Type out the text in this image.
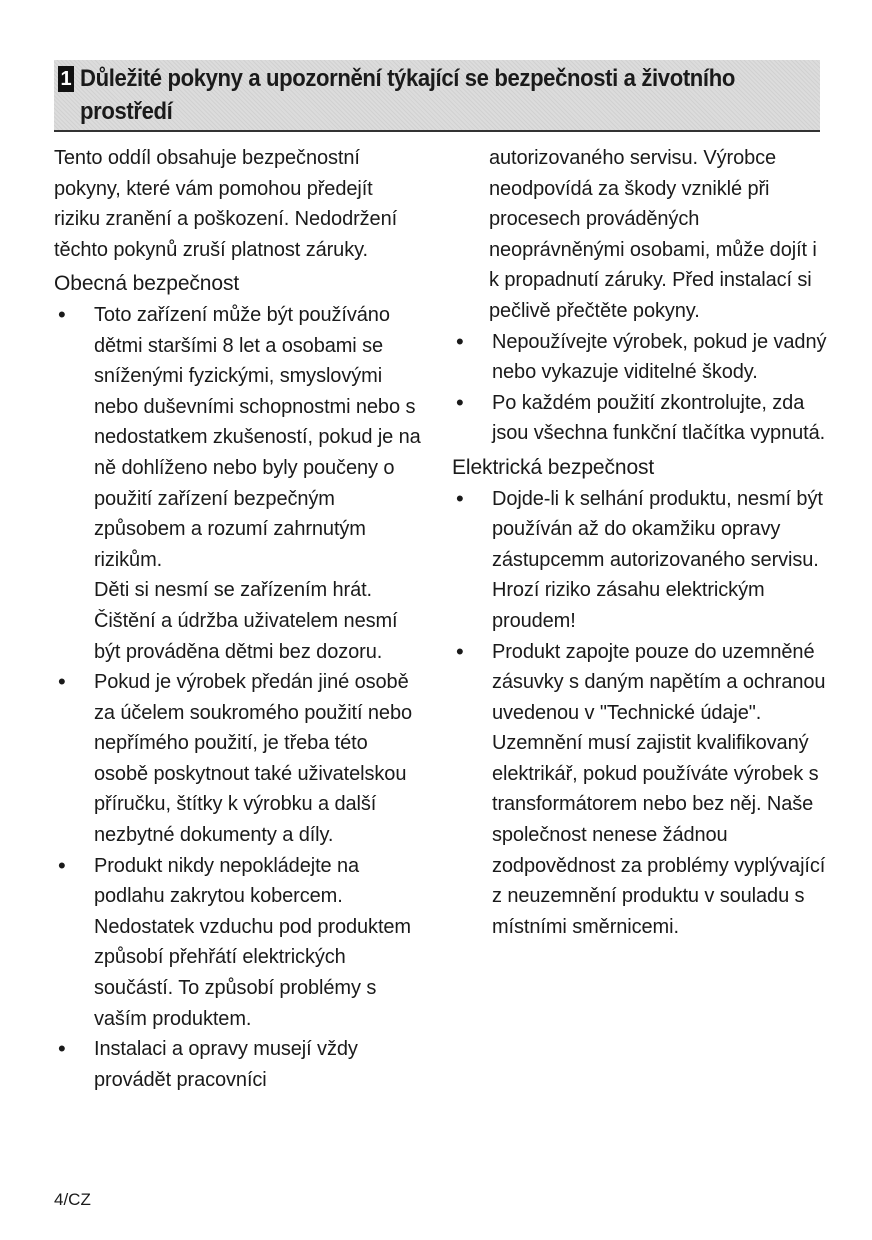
1 Důležité pokyny a upozornění týkající se bezpečnosti a životního prostředí

Tento oddíl obsahuje bezpečnostní pokyny, které vám pomohou předejít riziku zranění a poškození. Nedodržení těchto pokynů zruší platnost záruky.

Obecná bezpečnost

• Toto zařízení může být používáno dětmi staršími 8 let a osobami se sníženými fyzickými, smyslovými nebo duševními schopnostmi nebo s nedostatkem zkušeností, pokud je na ně dohlíženo nebo byly poučeny o použití zařízení bezpečným způsobem a rozumí zahrnutým rizikům.
Děti si nesmí se zařízením hrát. Čištění a údržba uživatelem nesmí být prováděna dětmi bez dozoru.
• Pokud je výrobek předán jiné osobě za účelem soukromého použití nebo nepřímého použití, je třeba této osobě poskytnout také uživatelskou příručku, štítky k výrobku a další nezbytné dokumenty a díly.
• Produkt nikdy nepokládejte na podlahu zakrytou kobercem. Nedostatek vzduchu pod produktem způsobí přehřátí elektrických součástí. To způsobí problémy s vaším produktem.
• Instalaci a opravy musejí vždy provádět pracovníci

autorizovaného servisu. Výrobce neodpovídá za škody vzniklé při procesech prováděných neoprávněnými osobami, může dojít i k propadnutí záruky. Před instalací si pečlivě přečtěte pokyny.

• Nepoužívejte výrobek, pokud je vadný nebo vykazuje viditelné škody.
• Po každém použití zkontrolujte, zda jsou všechna funkční tlačítka vypnutá.

Elektrická bezpečnost

• Dojde-li k selhání produktu, nesmí být používán až do okamžiku opravy zástupcemm autorizovaného servisu. Hrozí riziko zásahu elektrickým proudem!
• Produkt zapojte pouze do uzemněné zásuvky s daným napětím a ochranou uvedenou v "Technické údaje". Uzemnění musí zajistit kvalifikovaný elektrikář, pokud používáte výrobek s transformátorem nebo bez něj. Naše společnost nenese žádnou zodpovědnost za problémy vyplývající z neuzemnění produktu v souladu s místními směrnicemi.
4/CZ
